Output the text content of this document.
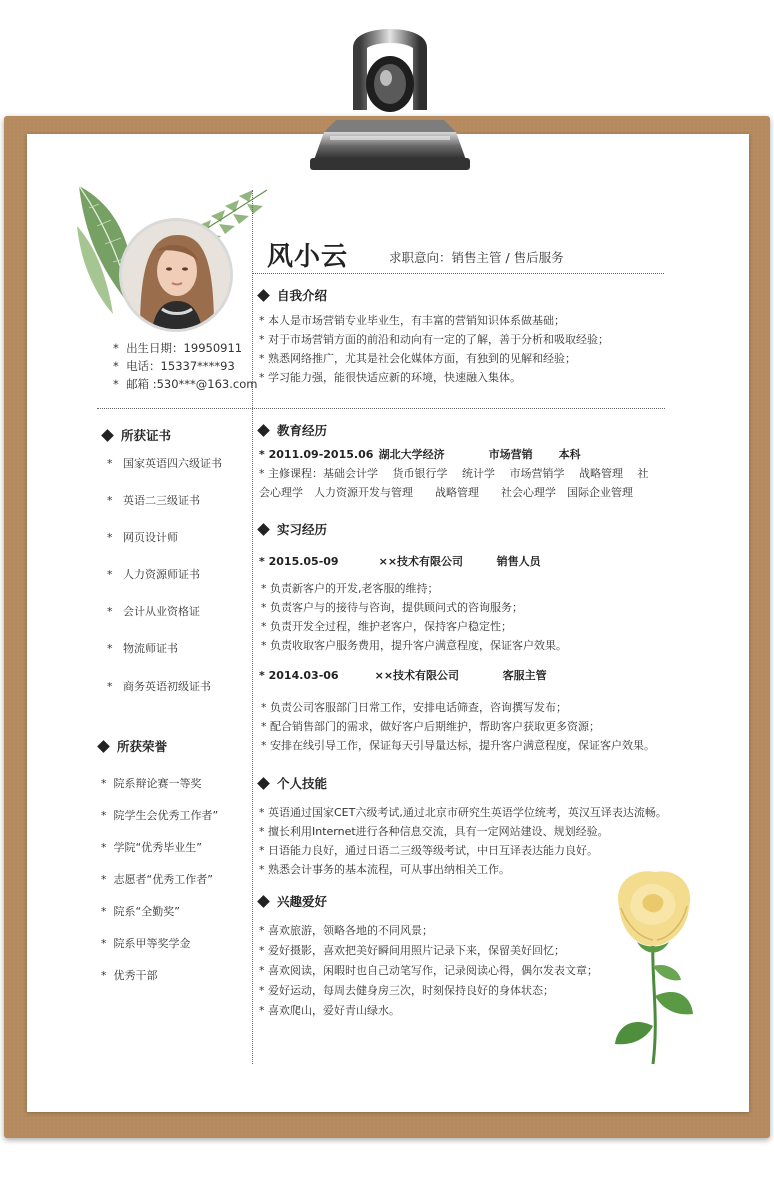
风小云	求职意向：销售主管 / 售后服务
* 出生日期：19950911
* 电话：15337****93
* 邮箱 :530***@163.com
所获证书
* 国家英语四六级证书
* 英语二三级证书
* 网页设计师
* 人力资源师证书
* 会计从业资格证
* 物流师证书
* 商务英语初级证书
所获荣誉
* 院系辩论赛一等奖
* 院学生会优秀工作者”
* 学院“优秀毕业生”
* 志愿者“优秀工作者”
* 院系“全勤奖”
* 院系甲等奖学金
* 优秀干部
自我介绍
* 本人是市场营销专业毕业生，有丰富的营销知识体系做基础；
* 对于市场营销方面的前沿和动向有一定的了解，善于分析和吸取经验；
* 熟悉网络推广，尤其是社会化媒体方面，有独到的见解和经验；
* 学习能力强，能很快适应新的环境，快速融入集体。
教育经历
* 2011.09-2015.06 湖北大学经济	市场营销 本科
* 主修课程：基础会计学　 货币银行学　 统计学　 市场营销学　 战略管理　 社
会心理学　人力资源开发与管理　　战略管理　　社会心理学　国际企业管理
实习经历
* 2015.05-09	××技术有限公司	销售人员
* 负责新客户的开发,老客服的维持；
* 负责客户与的接待与咨询，提供顾问式的咨询服务；
* 负责开发全过程，维护老客户，保持客户稳定性；
* 负责收取客户服务费用，提升客户满意程度，保证客户效果。
* 2014.03-06	××技术有限公司	客服主管
* 负责公司客服部门日常工作，安排电话筛查，咨询撰写发布；
* 配合销售部门的需求，做好客户后期维护，帮助客户获取更多资源；
* 安排在线引导工作，保证每天引导量达标，提升客户满意程度，保证客户效果。
个人技能
* 英语通过国家CET六级考试,通过北京市研究生英语学位统考，英汉互译表达流畅。
* 擅长利用Internet进行各种信息交流，具有一定网站建设、规划经验。
* 日语能力良好，通过日语二三级等级考试，中日互译表达能力良好。
* 熟悉会计事务的基本流程，可从事出纳相关工作。
兴趣爱好
* 喜欢旅游，领略各地的不同风景；
* 爱好摄影，喜欢把美好瞬间用照片记录下来，保留美好回忆；
* 喜欢阅读，闲暇时也自己动笔写作，记录阅读心得，偶尔发表文章；
* 爱好运动，每周去健身房三次，时刻保持良好的身体状态；
* 喜欢爬山，爱好青山绿水。
